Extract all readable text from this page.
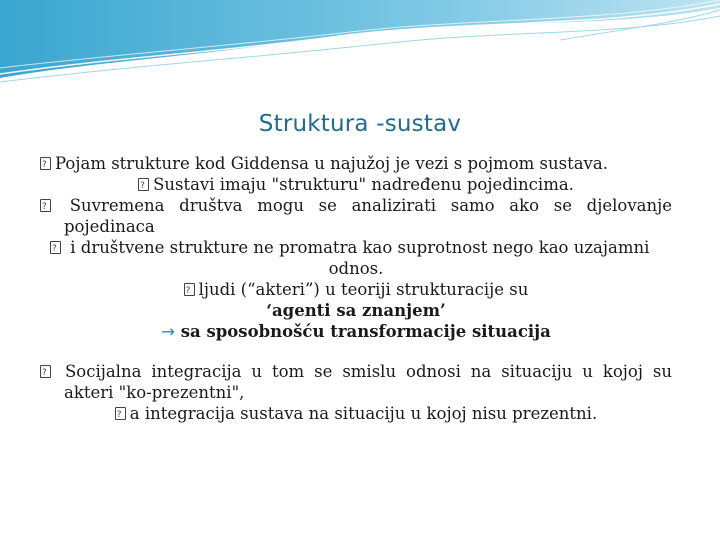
Struktura -sustav

?Pojam strukture kod Giddensa u najužoj je vezi s pojmom sustava.

?Sustavi imaju "strukturu" nadređenu pojedincima.

? Suvremena društva mogu se analizirati samo ako se djelovanje

pojedinaca

? i društvene strukture ne promatra kao suprotnost nego kao uzajamni

odnos.

?ljudi (“akteri”) u teoriji strukturacije su

‘agenti sa znanjem’

→ sa sposobnošću transformacije situacija

? Socijalna integracija u tom se smislu odnosi na situaciju u kojoj su

akteri "ko-prezentni",

?a integracija sustava na situaciju u kojoj nisu prezentni.
